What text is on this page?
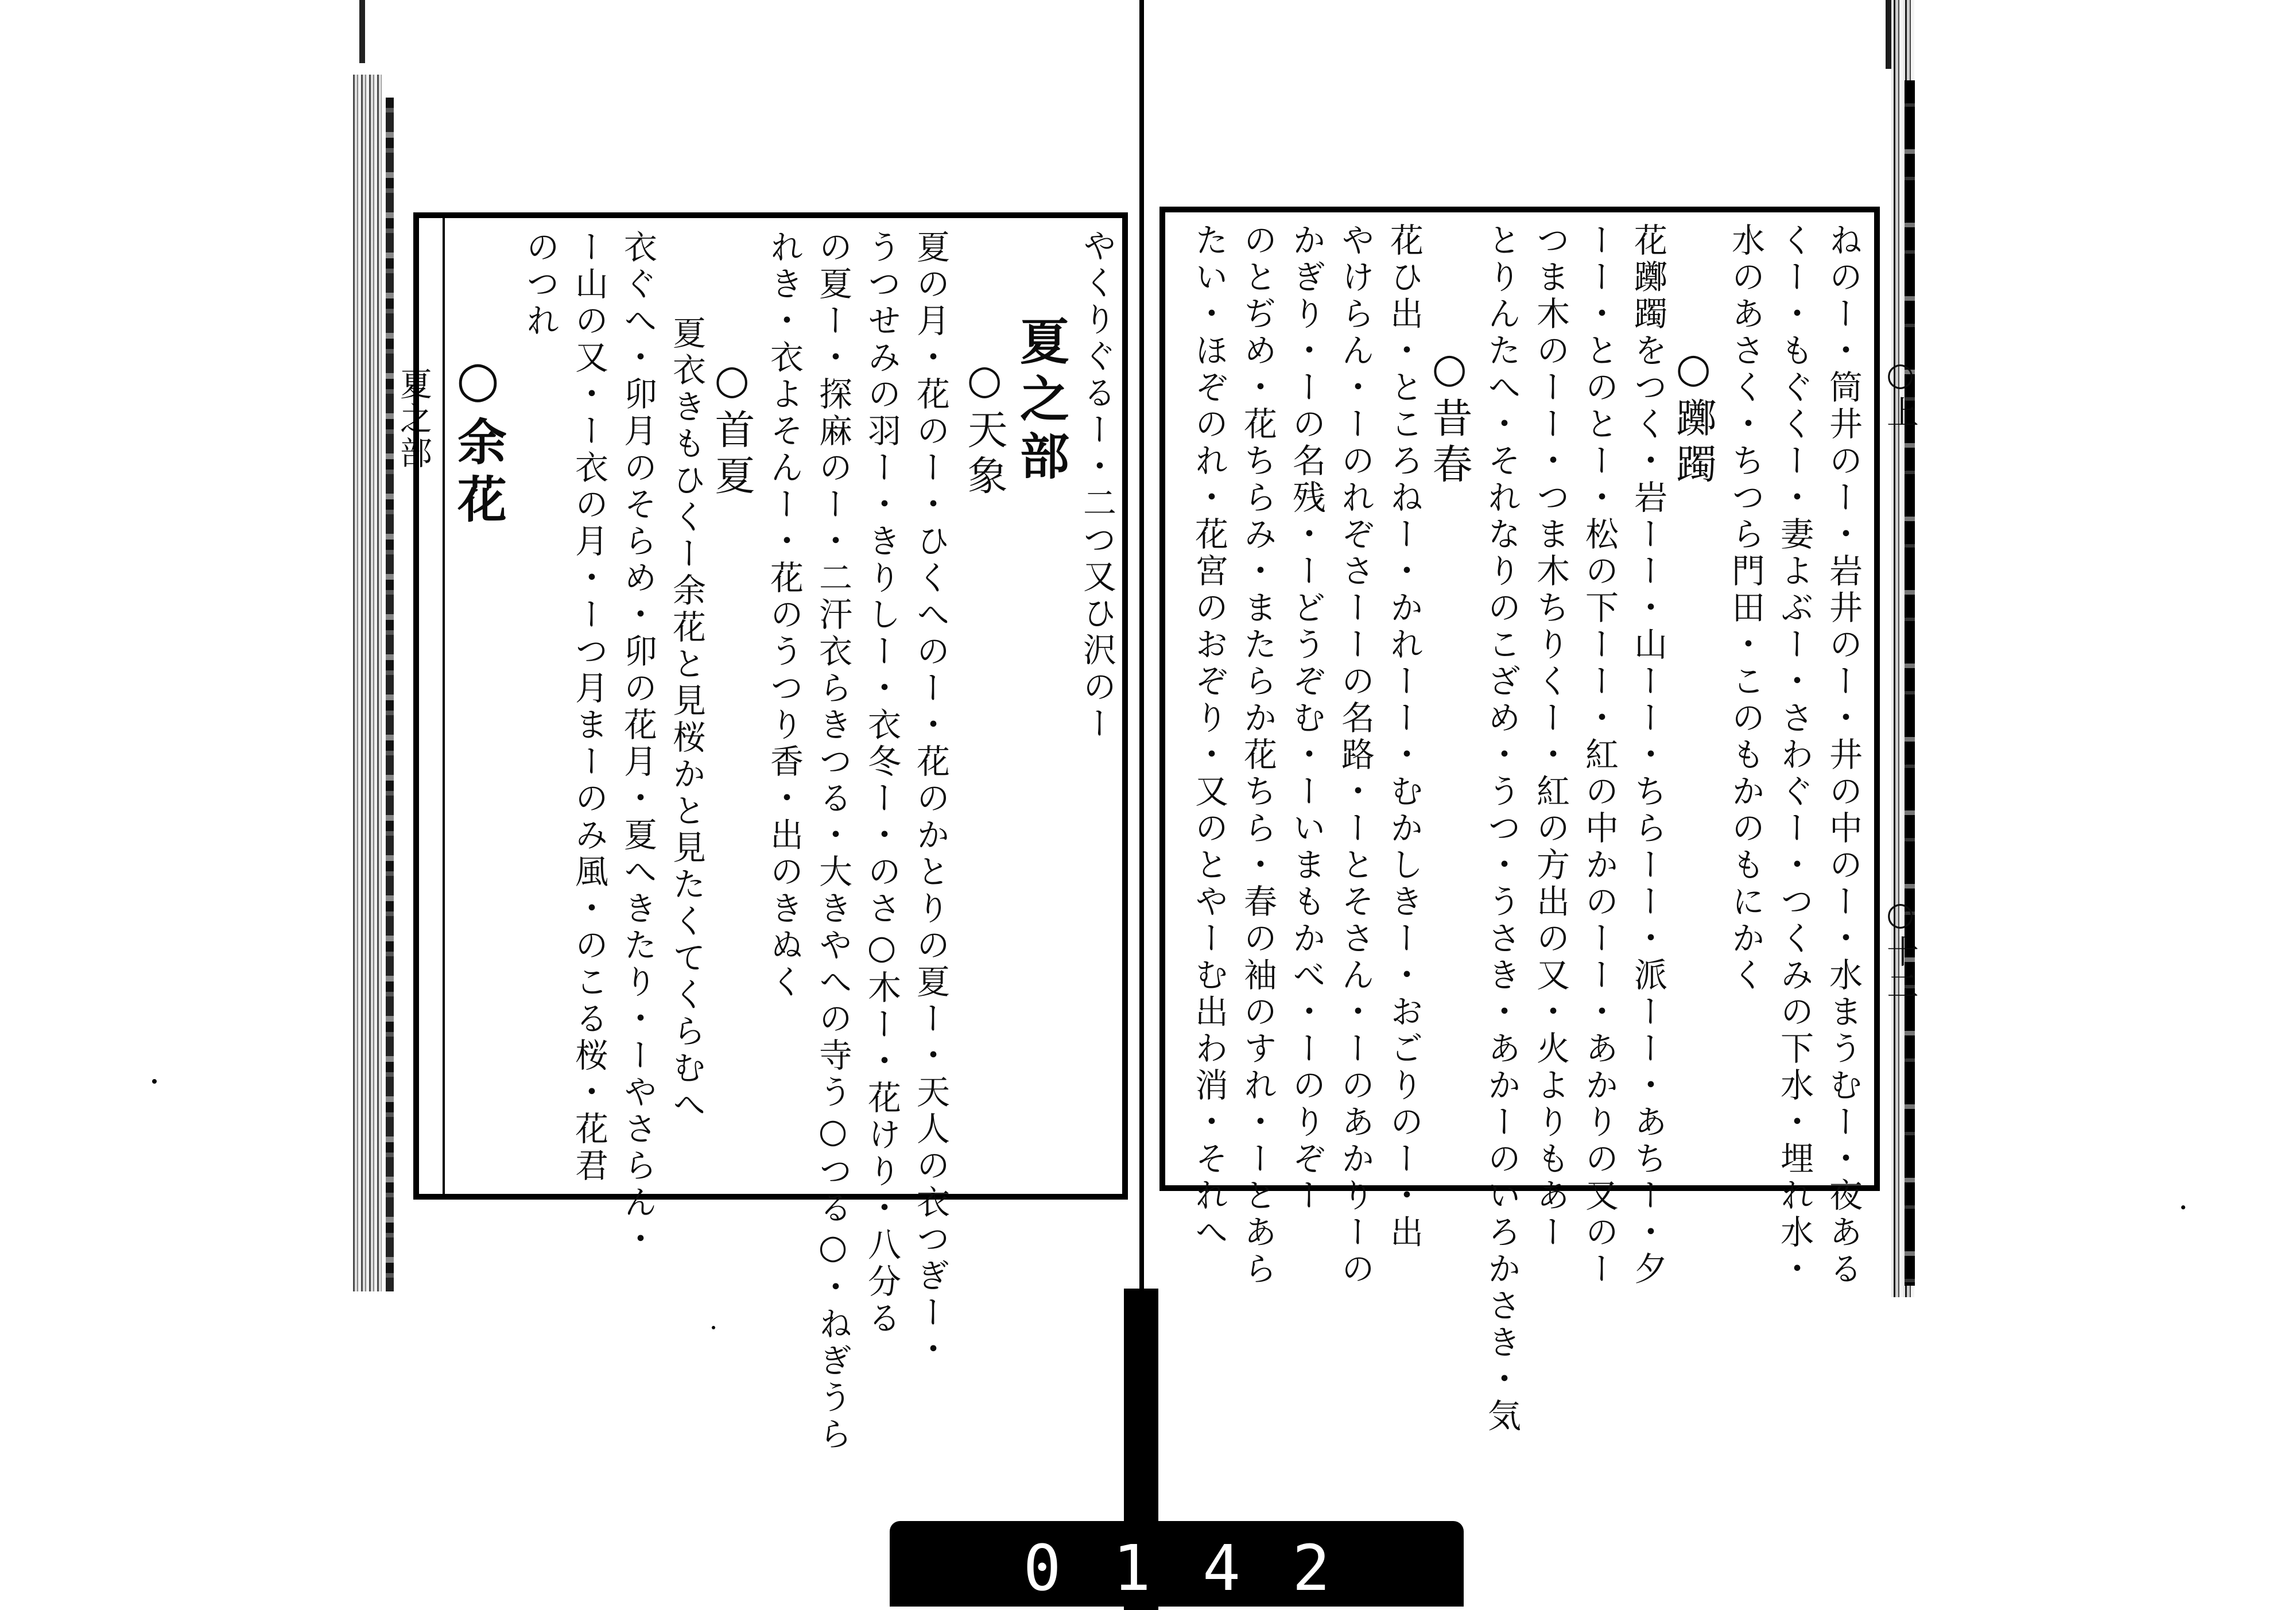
夏之部	やくりぐるー・二つ又ひ沢のー
夏之部
○天象
夏の月・花のー・ひくへのー・花のかとりの夏ー・天人の衣つぎー・
うつせみの羽ー・きりしー・衣冬ー・のさ○木ー・花けり・八分る
の夏ー・探麻のー・二汗衣らきつる・大きやへの寺う○つる○・ねぎうら
れき・衣よそんー・花のうつり香・出のきぬく
○首夏
夏衣きもひくー余花と見桜かと見たくてくらむへ
衣ぐへ・卯月のそらめ・卯の花月・夏へきたり・ーやさらん・
ー山の又・ー衣の月・ーつ月まーのみ風・のこる桜・花君
のつれ
○余花	ねのー・筒井のー・岩井のー・井の中のー・水まうむー・夜ある
くー・もぐくー・妻よぶー・さわぐー・つくみの下水・埋れ水・
水のあさく・ちつら門田・このもかのもにかく
○躑躅
花躑躅をつく・岩ーー・山ーー・ちらーー・派ーー・あちー・夕
ーー・とのとー・松の下ーー・紅の中かのーー・あかりの又のー
つま木のーー・つま木ちりくー・紅の方出の又・火よりもあー
とりんたへ・それなりのこざめ・うつ・うさき・あかーのいろかさき・気
○昔春
花ひ出・ところねー・かれーー・むかしきー・おごりのー・出
やけらん・ーのれぞさーーの名路・ーとそさん・ーのあかりーの
かぎり・ーの名残・ーどうぞむ・ーいまもかべ・ーのりぞー
のとぢめ・花ちらみ・またらか花ちら・春の袖のすれ・ーとあら
たい・ほぞのれ・花宮のおぞり・又のとやーむ出わ消・それへ	○上
○十二
0142
